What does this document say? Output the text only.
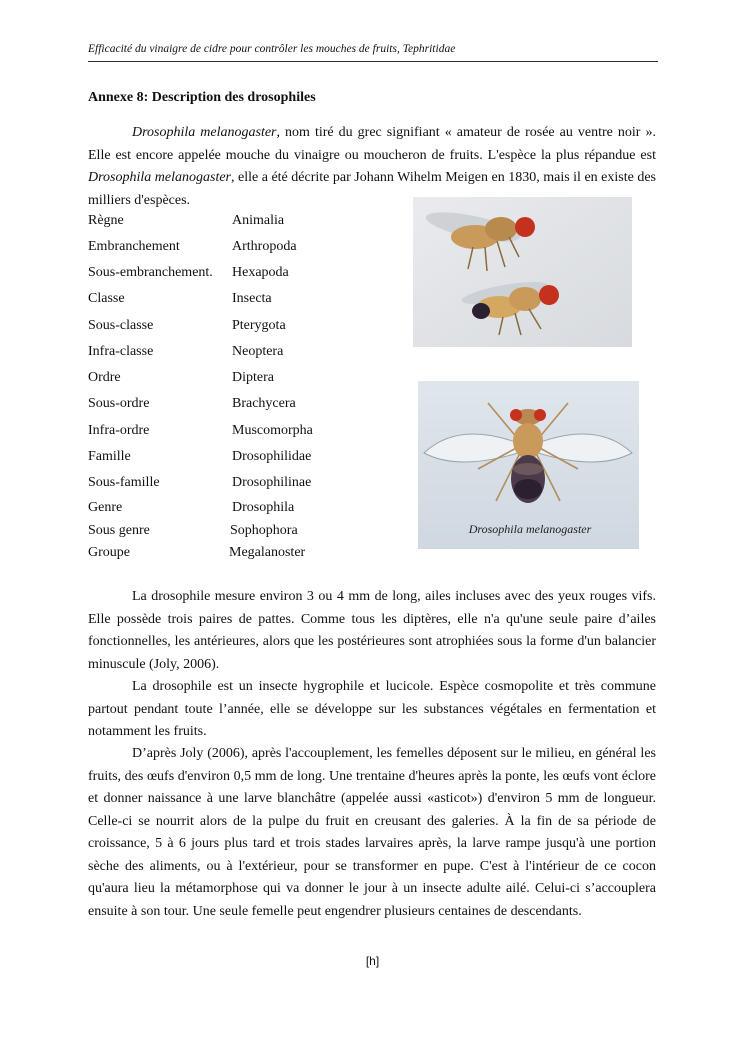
Efficacité du vinaigre de cidre pour contrôler les mouches de fruits, Tephritidae
Annexe 8: Description des drosophiles

Drosophila melanogaster, nom tiré du grec signifiant « amateur de rosée au ventre noir ». Elle est encore appelée mouche du vinaigre ou moucheron de fruits. L'espèce la plus répandue est Drosophila melanogaster, elle a été décrite par Johann Wihelm Meigen en 1830, mais il en existe des milliers d'espèces.

Règne	Animalia
Embranchement	Arthropoda
Sous-embranchement. Hexapoda
Classe	Insecta
Sous-classe	Pterygota
Infra-classe	Neoptera
Ordre	Diptera
Sous-ordre	Brachycera
Infra-ordre	Muscomorpha
Famille	Drosophilidae
Sous-famille	Drosophilinae
Genre	Drosophila
Sous genre	Sophophora
Groupe	Megalanoster
Drosophila melanogaster

La drosophile mesure environ 3 ou 4 mm de long, ailes incluses avec des yeux rouges vifs. Elle possède trois paires de pattes. Comme tous les diptères, elle n'a qu'une seule paire d’ailes fonctionnelles, les antérieures, alors que les postérieures sont atrophiées sous la forme d'un balancier minuscule (Joly, 2006).

La drosophile est un insecte hygrophile et lucicole. Espèce cosmopolite et très commune partout pendant toute l’année, elle se développe sur les substances végétales en fermentation et notamment les fruits.

D’après Joly (2006), après l'accouplement, les femelles déposent sur le milieu, en général les fruits, des œufs d'environ 0,5 mm de long. Une trentaine d'heures après la ponte, les œufs vont éclore et donner naissance à une larve blanchâtre (appelée aussi «asticot») d'environ 5 mm de longueur. Celle-ci se nourrit alors de la pulpe du fruit en creusant des galeries. À la fin de sa période de croissance, 5 à 6 jours plus tard et trois stades larvaires après, la larve rampe jusqu'à une portion sèche des aliments, ou à l'extérieur, pour se transformer en pupe. C'est à l'intérieur de ce cocon qu'aura lieu la métamorphose qui va donner le jour à un insecte adulte ailé. Celui-ci s’accouplera ensuite à son tour. Une seule femelle peut engendrer plusieurs centaines de descendants.

[h]
